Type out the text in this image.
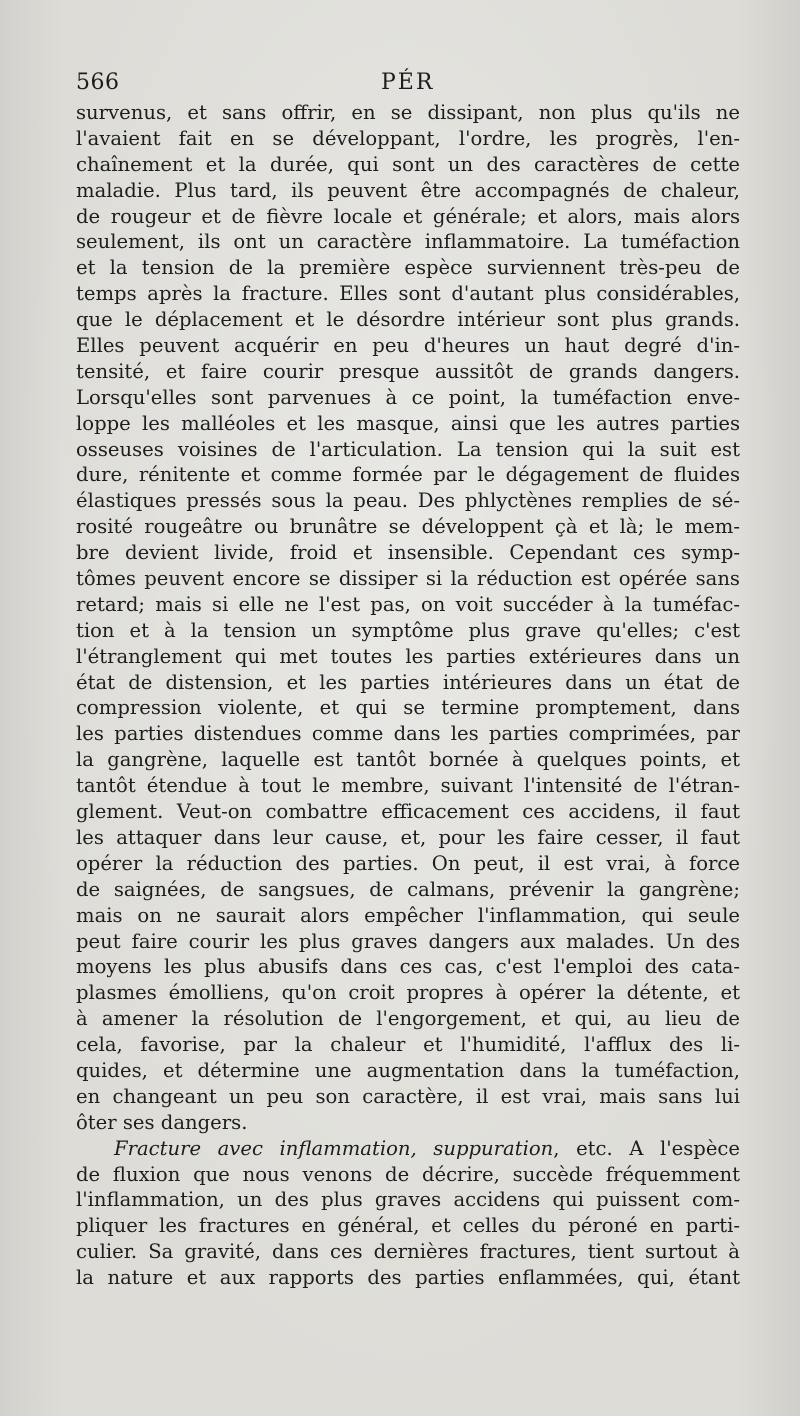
566	PÉR
survenus, et sans offrir, en se dissipant, non plus qu'ils ne
l'avaient fait en se développant, l'ordre, les progrès, l'en-
chaînement et la durée, qui sont un des caractères de cette
maladie. Plus tard, ils peuvent être accompagnés de chaleur,
de rougeur et de fièvre locale et générale; et alors, mais alors
seulement, ils ont un caractère inflammatoire. La tuméfaction
et la tension de la première espèce surviennent très-peu de
temps après la fracture. Elles sont d'autant plus considérables,
que le déplacement et le désordre intérieur sont plus grands.
Elles peuvent acquérir en peu d'heures un haut degré d'in-
tensité, et faire courir presque aussitôt de grands dangers.
Lorsqu'elles sont parvenues à ce point, la tuméfaction enve-
loppe les malléoles et les masque, ainsi que les autres parties
osseuses voisines de l'articulation. La tension qui la suit est
dure, rénitente et comme formée par le dégagement de fluides
élastiques pressés sous la peau. Des phlyctènes remplies de sé-
rosité rougeâtre ou brunâtre se développent çà et là; le mem-
bre devient livide, froid et insensible. Cependant ces symp-
tômes peuvent encore se dissiper si la réduction est opérée sans
retard; mais si elle ne l'est pas, on voit succéder à la tuméfac-
tion et à la tension un symptôme plus grave qu'elles; c'est
l'étranglement qui met toutes les parties extérieures dans un
état de distension, et les parties intérieures dans un état de
compression violente, et qui se termine promptement, dans
les parties distendues comme dans les parties comprimées, par
la gangrène, laquelle est tantôt bornée à quelques points, et
tantôt étendue à tout le membre, suivant l'intensité de l'étran-
glement. Veut-on combattre efficacement ces accidens, il faut
les attaquer dans leur cause, et, pour les faire cesser, il faut
opérer la réduction des parties. On peut, il est vrai, à force
de saignées, de sangsues, de calmans, prévenir la gangrène;
mais on ne saurait alors empêcher l'inflammation, qui seule
peut faire courir les plus graves dangers aux malades. Un des
moyens les plus abusifs dans ces cas, c'est l'emploi des cata-
plasmes émolliens, qu'on croit propres à opérer la détente, et
à amener la résolution de l'engorgement, et qui, au lieu de
cela, favorise, par la chaleur et l'humidité, l'afflux des li-
quides, et détermine une augmentation dans la tuméfaction,
en changeant un peu son caractère, il est vrai, mais sans lui
ôter ses dangers.
Fracture avec inflammation, suppuration, etc. A l'espèce
de fluxion que nous venons de décrire, succède fréquemment
l'inflammation, un des plus graves accidens qui puissent com-
pliquer les fractures en général, et celles du péroné en parti-
culier. Sa gravité, dans ces dernières fractures, tient surtout à
la nature et aux rapports des parties enflammées, qui, étant
